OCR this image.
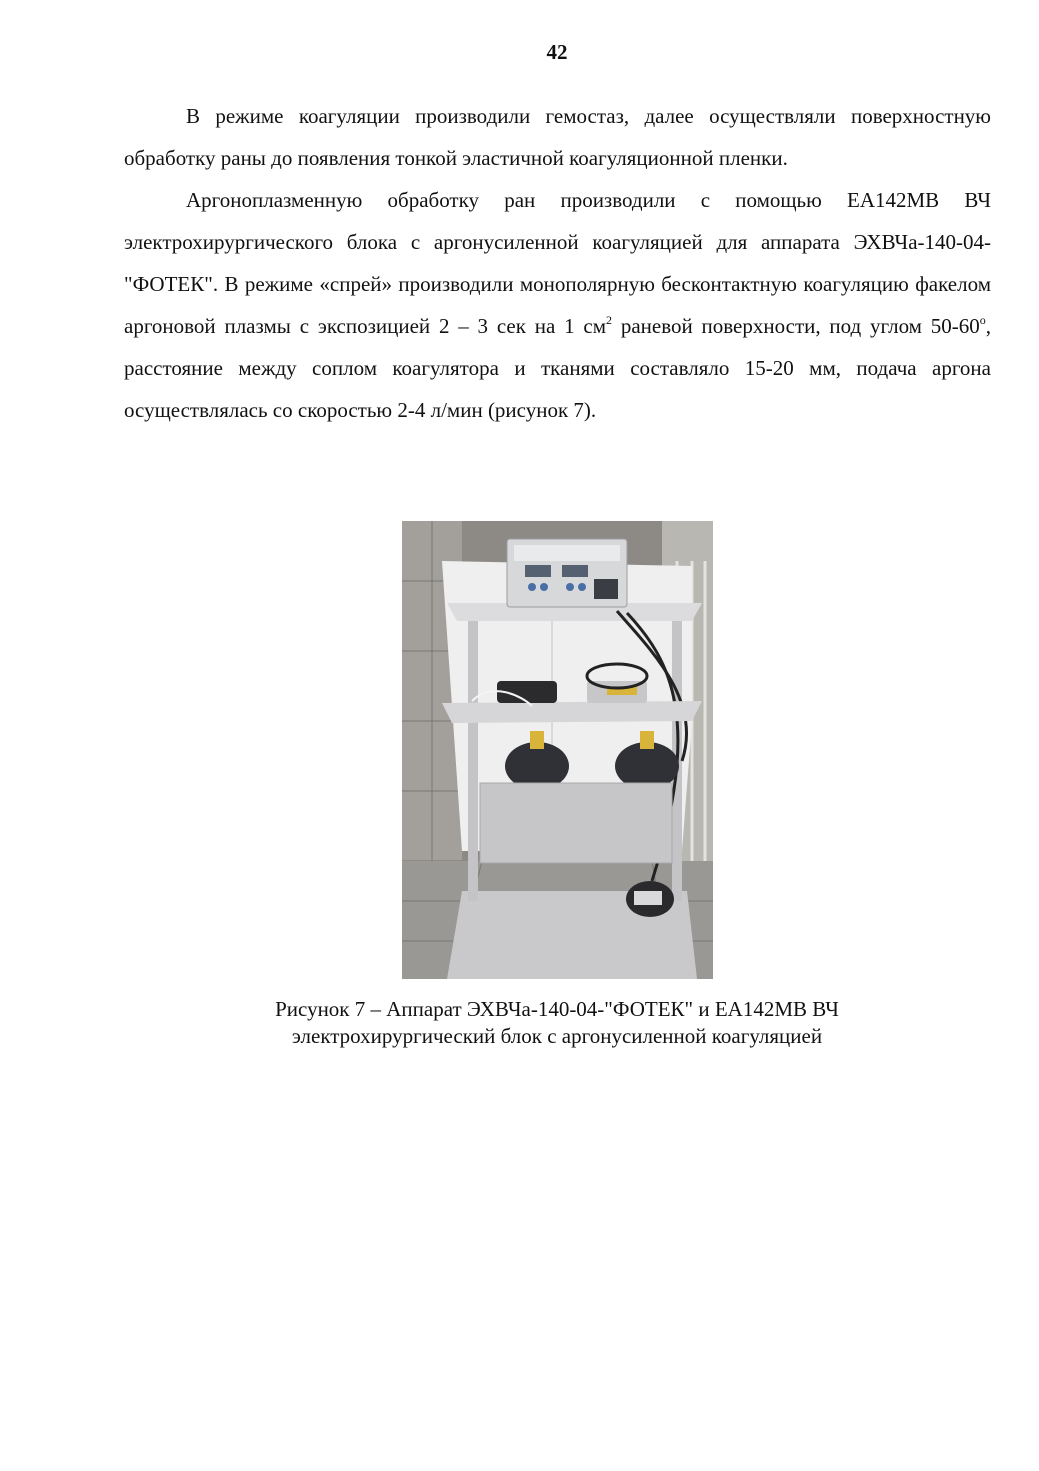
42

В режиме коагуляции производили гемостаз, далее осуществляли поверхностную обработку раны до появления тонкой эластичной коагуляционной пленки.

Аргоноплазменную обработку ран производили с помощью ЕА142МВ ВЧ электрохирургического блока с аргонусиленной коагуляцией для аппарата ЭХВЧа-140-04-"ФОТЕК". В режиме «спрей» производили монополярную бесконтактную коагуляцию факелом аргоновой плазмы с экспозицией 2 – 3 сек на 1 $см^2$ раневой поверхности, под углом $50-60^о$, расстояние между соплом коагулятора и тканями составляло 15-20 мм, подача аргона осуществлялась со скоростью 2-4 л/мин (рисунок 7).

Рисунок 7 – Аппарат ЭХВЧа-140-04-"ФОТЕК" и ЕА142МВ ВЧ
электрохирургический блок с аргонусиленной коагуляцией
